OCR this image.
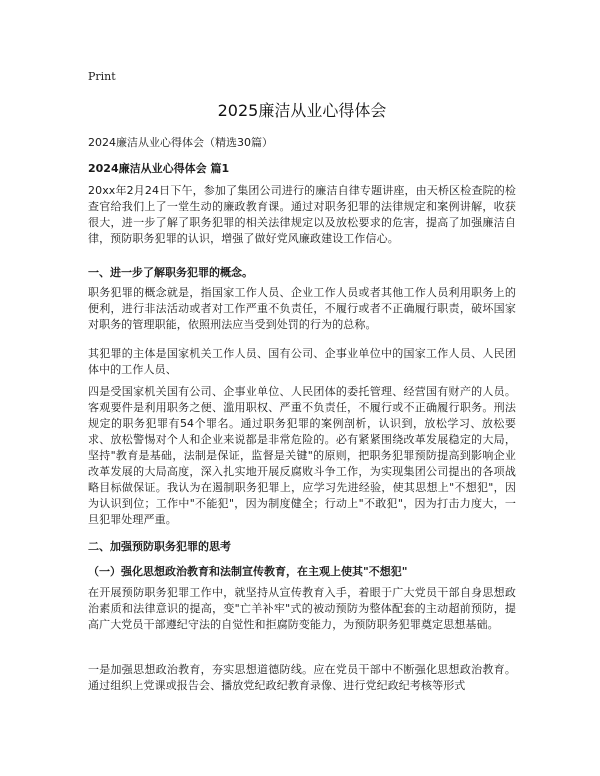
Print
2025廉洁从业心得体会
2024廉洁从业心得体会（精选30篇）
2024廉洁从业心得体会 篇1
20xx年2月24日下午，参加了集团公司进行的廉洁自律专题讲座，由天桥区检查院的检查官给我们上了一堂生动的廉政教育课。通过对职务犯罪的法律规定和案例讲解，收获很大，进一步了解了职务犯罪的相关法律规定以及放松要求的危害，提高了加强廉洁自律，预防职务犯罪的认识，增强了做好党风廉政建设工作信心。
一、进一步了解职务犯罪的概念。
职务犯罪的概念就是，指国家工作人员、企业工作人员或者其他工作人员利用职务上的便利，进行非法活动或者对工作严重不负责任，不履行或者不正确履行职责，破坏国家对职务的管理职能，依照刑法应当受到处罚的行为的总称。
其犯罪的主体是国家机关工作人员、国有公司、企事业单位中的国家工作人员、人民团体中的工作人员、
四是受国家机关国有公司、企事业单位、人民团体的委托管理、经营国有财产的人员。客观要件是利用职务之便、滥用职权、严重不负责任，不履行或不正确履行职务。刑法规定的职务犯罪有54个罪名。通过职务犯罪的案例剖析，认识到，放松学习、放松要求、放松警惕对个人和企业来说都是非常危险的。必有紧紧围绕改革发展稳定的大局，坚持"教育是基础，法制是保证，监督是关键"的原则，把职务犯罪预防提高到影响企业改革发展的大局高度，深入扎实地开展反腐败斗争工作，为实现集团公司提出的各项战略目标做保证。我认为在遏制职务犯罪上，应学习先进经验，使其思想上"不想犯"，因为认识到位；工作中"不能犯"，因为制度健全；行动上"不敢犯"，因为打击力度大，一旦犯罪处理严重。
二、加强预防职务犯罪的思考
（一）强化思想政治教育和法制宣传教育，在主观上使其"不想犯"
在开展预防职务犯罪工作中，就坚持从宣传教育入手，着眼于广大党员干部自身思想政治素质和法律意识的提高，变"亡羊补牢"式的被动预防为整体配套的主动超前预防，提高广大党员干部遵纪守法的自觉性和拒腐防变能力，为预防职务犯罪奠定思想基础。
一是加强思想政治教育，夯实思想道德防线。应在党员干部中不断强化思想政治教育。通过组织上党课或报告会、播放党纪政纪教育录像、进行党纪政纪考核等形式
